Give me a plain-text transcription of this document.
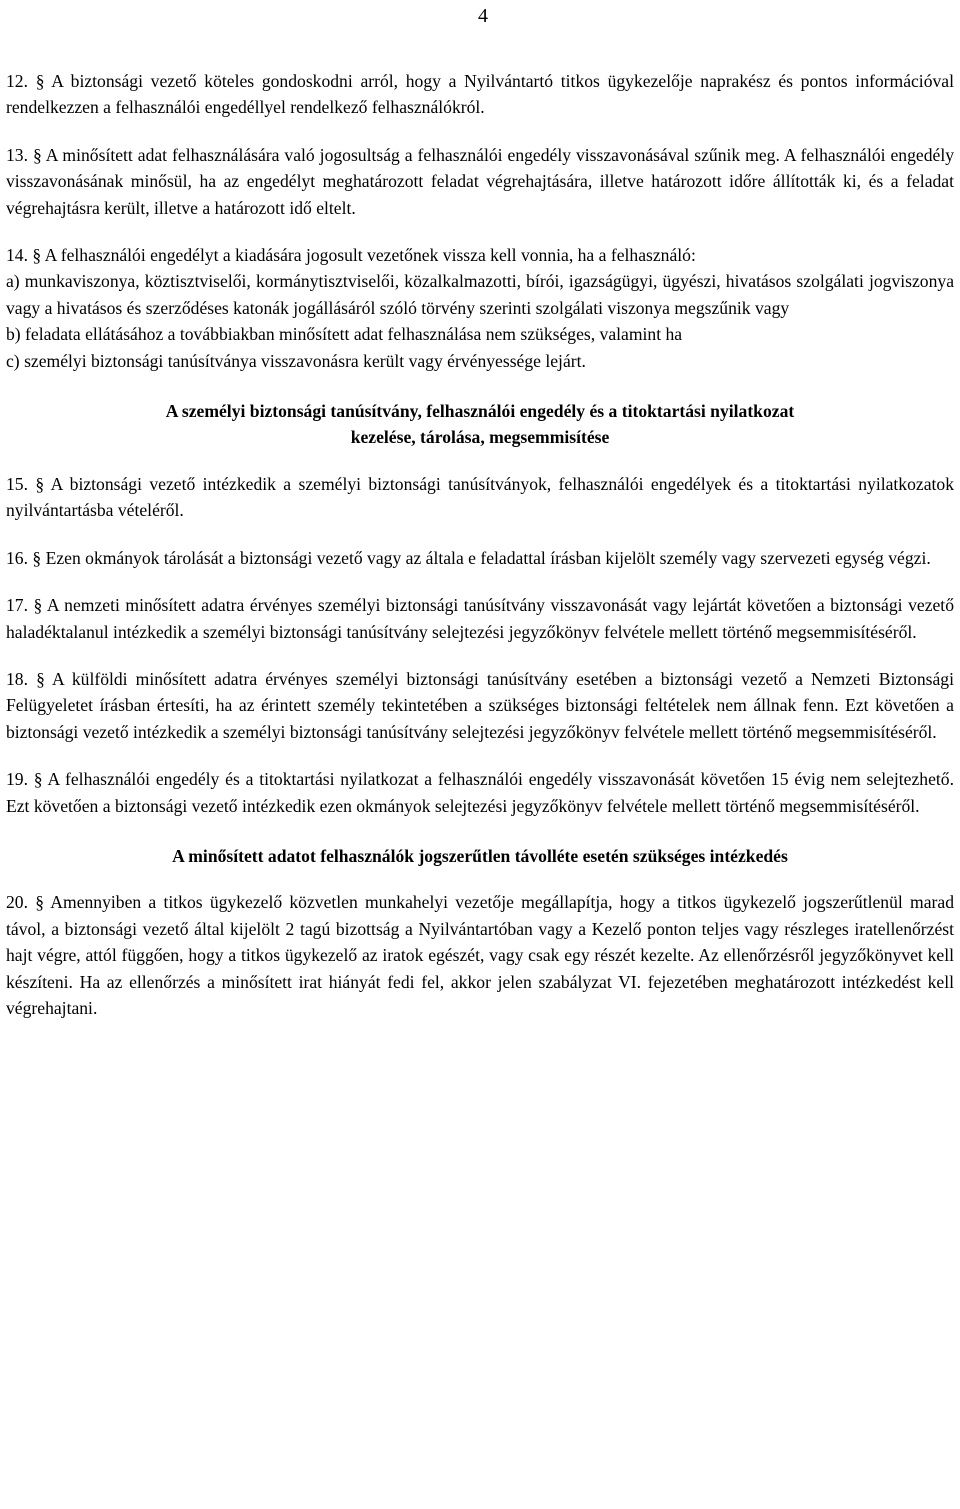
4

12. § A biztonsági vezető köteles gondoskodni arról, hogy a Nyilvántartó titkos ügykezelője naprakész és pontos információval rendelkezzen a felhasználói engedéllyel rendelkező felhasználókról.

13. § A minősített adat felhasználására való jogosultság a felhasználói engedély visszavonásával szűnik meg. A felhasználói engedély visszavonásának minősül, ha az engedélyt meghatározott feladat végrehajtására, illetve határozott időre állították ki, és a feladat végrehajtásra került, illetve a határozott idő eltelt.

14. § A felhasználói engedélyt a kiadására jogosult vezetőnek vissza kell vonnia, ha a felhasználó:

a) munkaviszonya, köztisztviselői, kormánytisztviselői, közalkalmazotti, bírói, igazságügyi, ügyészi, hivatásos szolgálati jogviszonya vagy a hivatásos és szerződéses katonák jogállásáról szóló törvény szerinti szolgálati viszonya megszűnik vagy

b) feladata ellátásához a továbbiakban minősített adat felhasználása nem szükséges, valamint ha

c) személyi biztonsági tanúsítványa visszavonásra került vagy érvényessége lejárt.

A személyi biztonsági tanúsítvány, felhasználói engedély és a titoktartási nyilatkozat
kezelése, tárolása, megsemmisítése

15. § A biztonsági vezető intézkedik a személyi biztonsági tanúsítványok, felhasználói engedélyek és a titoktartási nyilatkozatok nyilvántartásba vételéről.

16. § Ezen okmányok tárolását a biztonsági vezető vagy az általa e feladattal írásban kijelölt személy vagy szervezeti egység végzi.

17. § A nemzeti minősített adatra érvényes személyi biztonsági tanúsítvány visszavonását vagy lejártát követően a biztonsági vezető haladéktalanul intézkedik a személyi biztonsági tanúsítvány selejtezési jegyzőkönyv felvétele mellett történő megsemmisítéséről.

18. § A külföldi minősített adatra érvényes személyi biztonsági tanúsítvány esetében a biztonsági vezető a Nemzeti Biztonsági Felügyeletet írásban értesíti, ha az érintett személy tekintetében a szükséges biztonsági feltételek nem állnak fenn. Ezt követően a biztonsági vezető intézkedik a személyi biztonsági tanúsítvány selejtezési jegyzőkönyv felvétele mellett történő megsemmisítéséről.

19. § A felhasználói engedély és a titoktartási nyilatkozat a felhasználói engedély visszavonását követően 15 évig nem selejtezhető. Ezt követően a biztonsági vezető intézkedik ezen okmányok selejtezési jegyzőkönyv felvétele mellett történő megsemmisítéséről.

A minősített adatot felhasználók jogszerűtlen távolléte esetén szükséges intézkedés

20. § Amennyiben a titkos ügykezelő közvetlen munkahelyi vezetője megállapítja, hogy a titkos ügykezelő jogszerűtlenül marad távol, a biztonsági vezető által kijelölt 2 tagú bizottság a Nyilvántartóban vagy a Kezelő ponton teljes vagy részleges iratellenőrzést hajt végre, attól függően, hogy a titkos ügykezelő az iratok egészét, vagy csak egy részét kezelte. Az ellenőrzésről jegyzőkönyvet kell készíteni. Ha az ellenőrzés a minősített irat hiányát fedi fel, akkor jelen szabályzat VI. fejezetében meghatározott intézkedést kell végrehajtani.
